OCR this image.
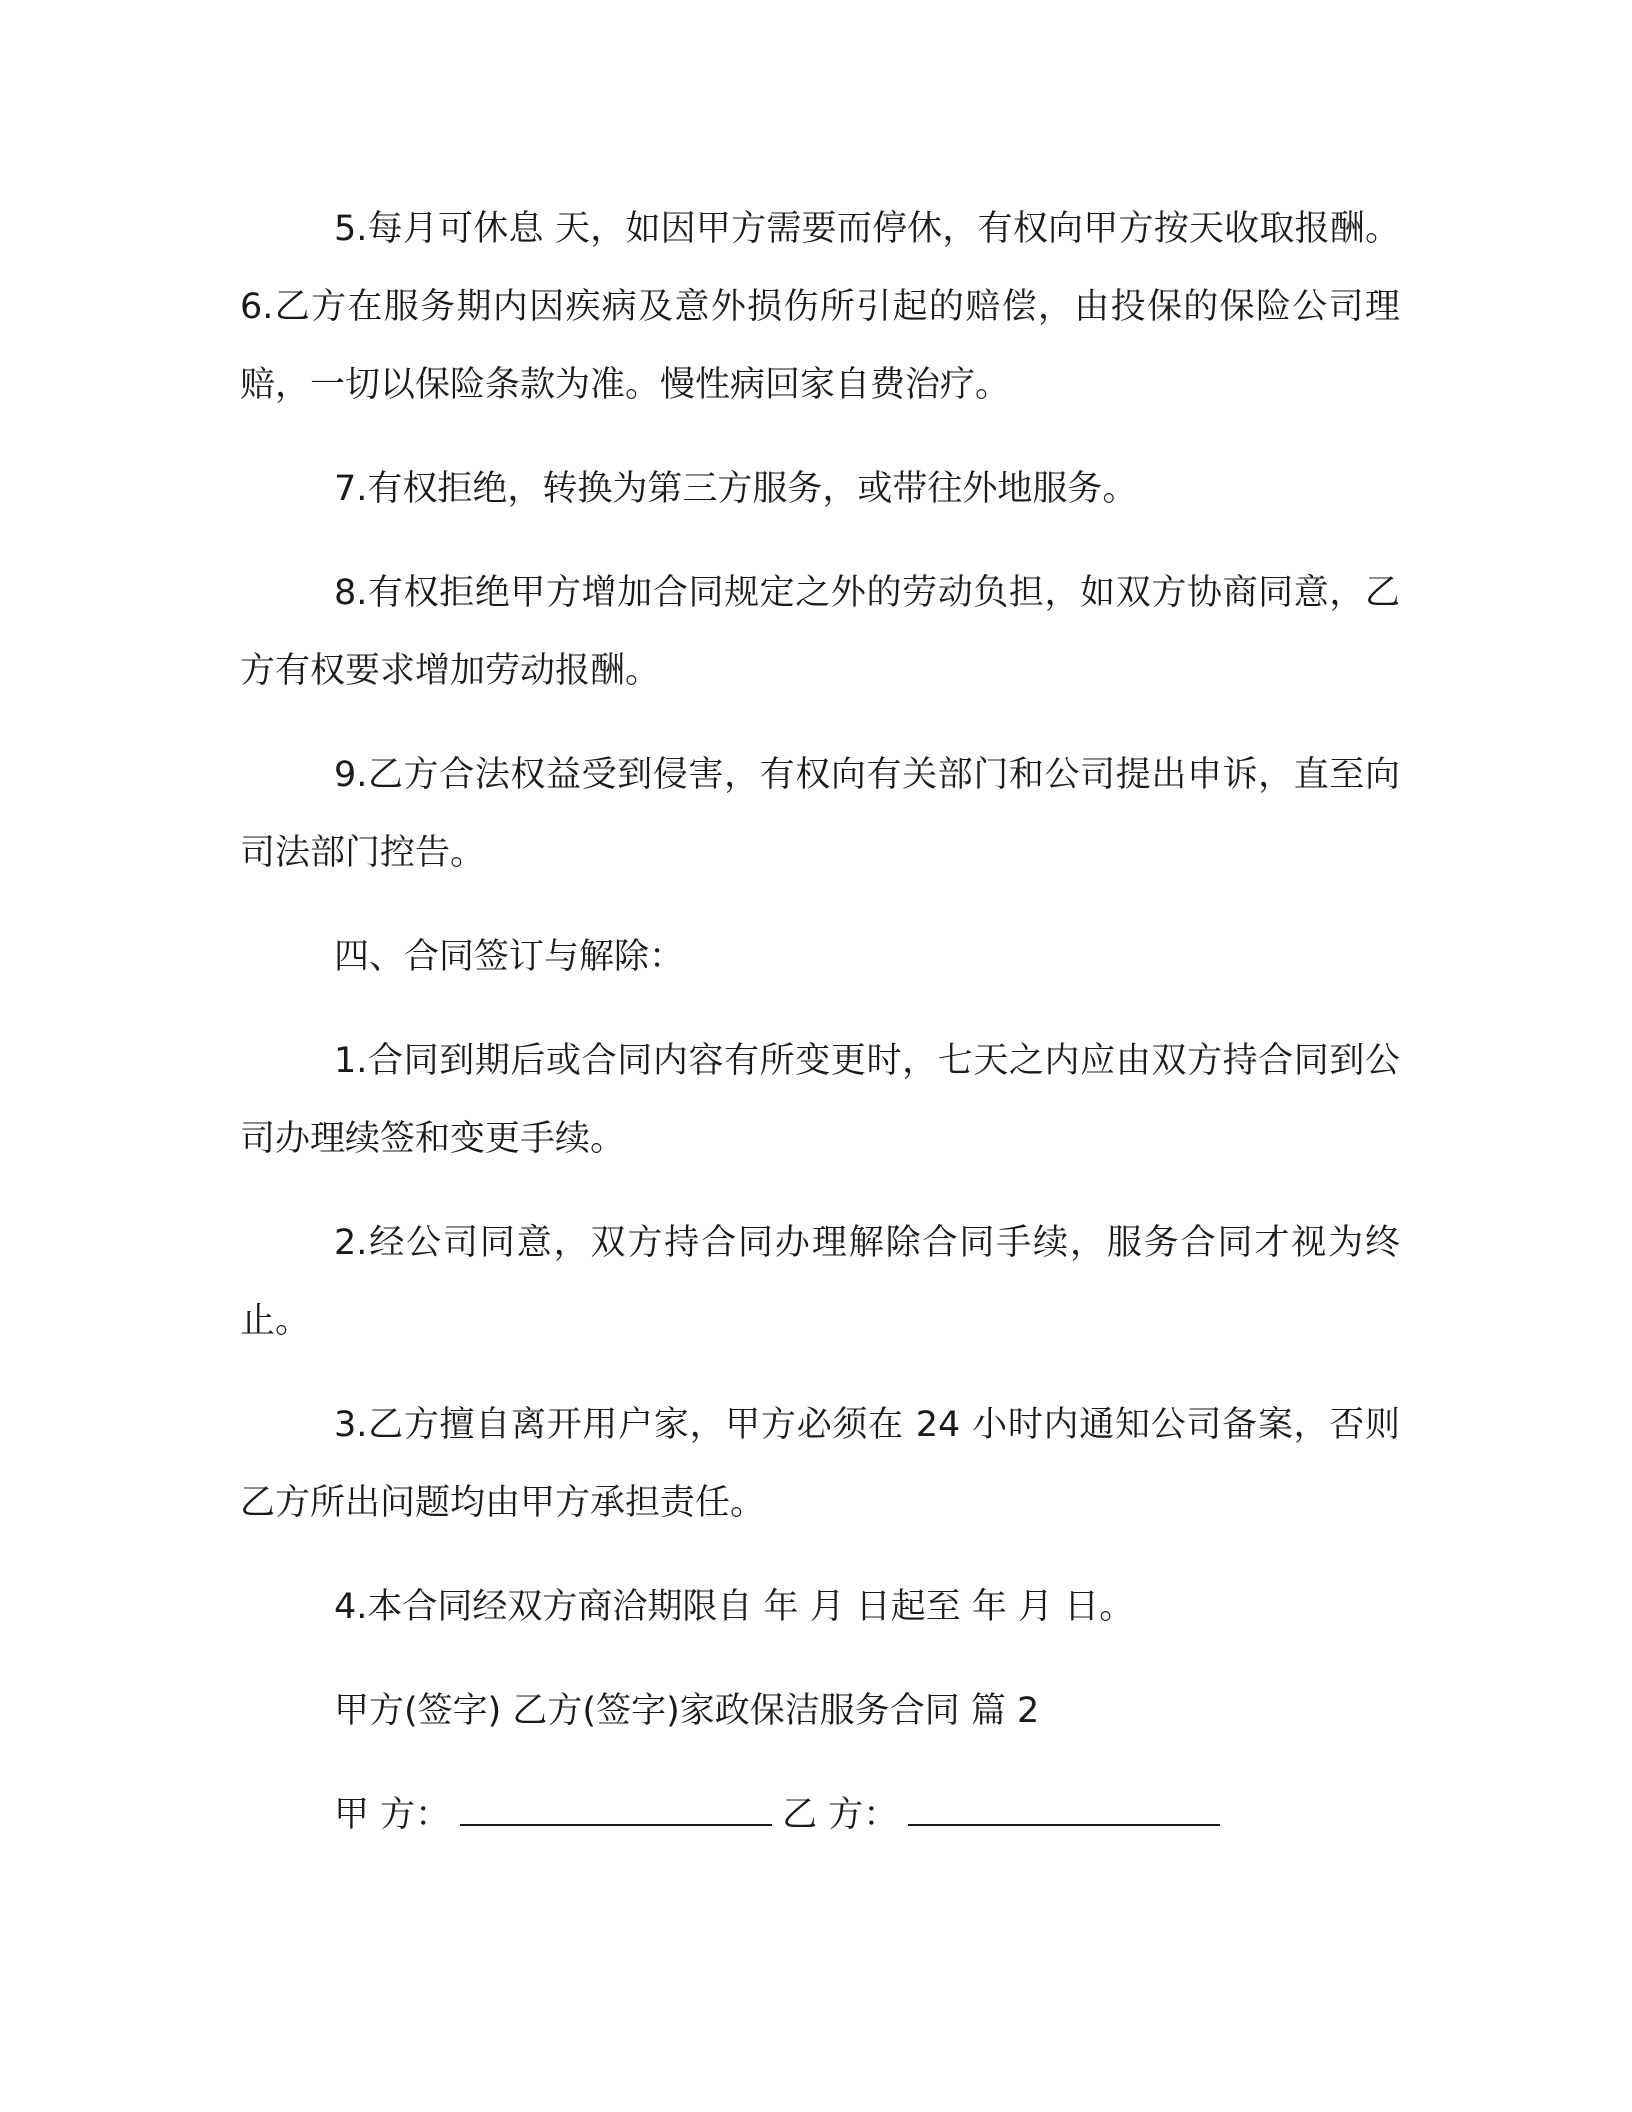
5.每月可休息 天，如因甲方需要而停休，有权向甲方按天收取报酬。6.乙方在服务期内因疾病及意外损伤所引起的赔偿，由投保的保险公司理赔，一切以保险条款为准。慢性病回家自费治疗。

7.有权拒绝，转换为第三方服务，或带往外地服务。

8.有权拒绝甲方增加合同规定之外的劳动负担，如双方协商同意，乙方有权要求增加劳动报酬。

9.乙方合法权益受到侵害，有权向有关部门和公司提出申诉，直至向司法部门控告。

四、合同签订与解除：

1.合同到期后或合同内容有所变更时，七天之内应由双方持合同到公司办理续签和变更手续。

2.经公司同意，双方持合同办理解除合同手续，服务合同才视为终止。

3.乙方擅自离开用户家，甲方必须在 24 小时内通知公司备案，否则乙方所出问题均由甲方承担责任。

4.本合同经双方商洽期限自 年 月 日起至 年 月 日。

甲方(签字) 乙方(签字)家政保洁服务合同 篇 2

甲 方：	乙 方：
